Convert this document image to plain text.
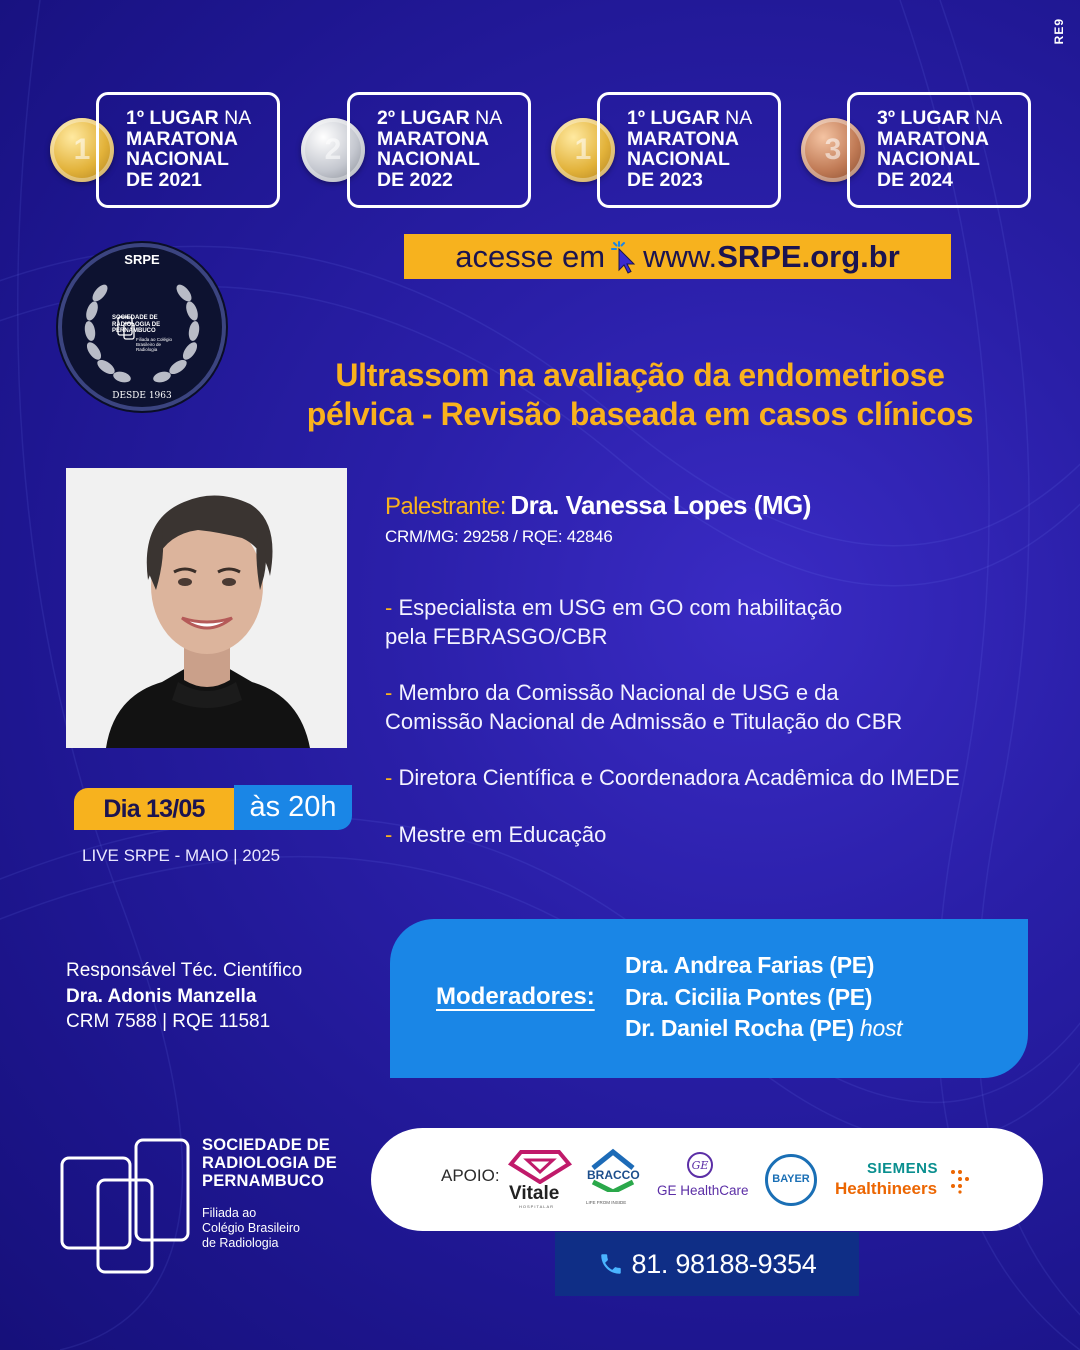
RE9
1
1º LUGAR NA
MARATONA
NACIONAL
DE 2021
2
2º LUGAR NA
MARATONA
NACIONAL
DE 2022
1
1º LUGAR NA
MARATONA
NACIONAL
DE 2023
3
3º LUGAR NA
MARATONA
NACIONAL
DE 2024
acesse em www.SRPE.org.br
SRPE
SOCIEDADE DE RADIOLOGIA DE PERNAMBUCO
Filiada ao Colégio Brasileiro de Radiologia
DESDE 1963
Ultrassom na avaliação da endometriose
pélvica - Revisão baseada em casos clínicos
Dia 13/05	às 20h
LIVE SRPE - MAIO | 2025
Palestrante: Dra. Vanessa Lopes (MG)
CRM/MG: 29258 / RQE: 42846
- Especialista em USG em GO com habilitação
pela FEBRASGO/CBR
- Membro da Comissão Nacional de USG e da
Comissão Nacional de Admissão e Titulação do CBR
- Diretora Científica e Coordenadora Acadêmica do IMEDE
- Mestre em Educação
Responsável Téc. Científico
Dra. Adonis Manzella
CRM 7588 | RQE 11581
Moderadores:
Dra. Andrea Farias (PE)
Dra. Cicilia Pontes (PE)
Dr. Daniel Rocha (PE) host
SOCIEDADE DE
RADIOLOGIA DE
PERNAMBUCO
Filiada ao
Colégio Brasileiro
de Radiologia
APOIO:
Vitale
HOSPITALAR
BRACCO
LIFE FROM INSIDE
GE
GE HealthCare
BAYER
SIEMENS
Healthineers
81. 98188-9354
